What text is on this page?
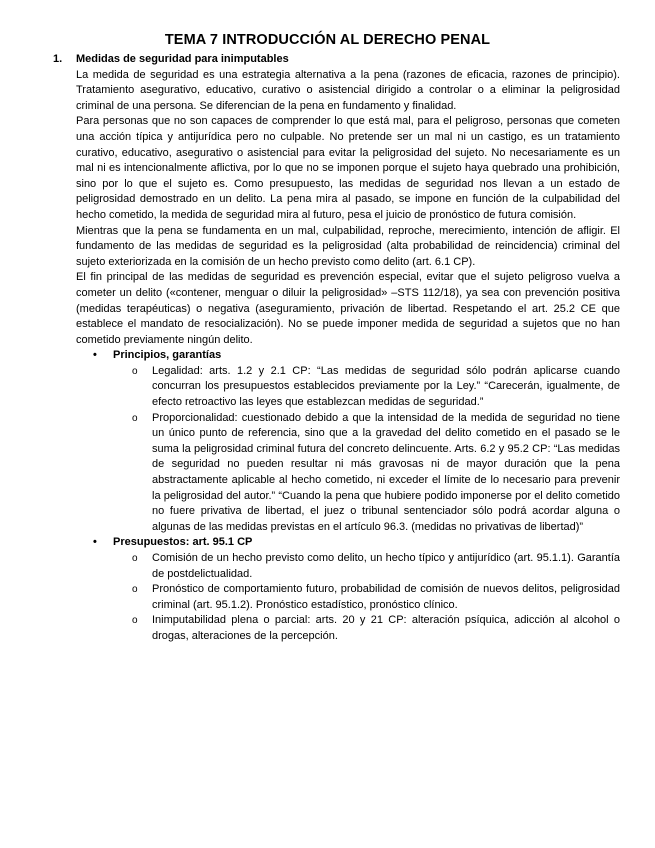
TEMA 7 INTRODUCCIÓN AL DERECHO PENAL
1. Medidas de seguridad para inimputables

La medida de seguridad es una estrategia alternativa a la pena (razones de eficacia, razones de principio). Tratamiento asegurativo, educativo, curativo o asistencial dirigido a controlar o a eliminar la peligrosidad criminal de una persona. Se diferencian de la pena en fundamento y finalidad.

Para personas que no son capaces de comprender lo que está mal, para el peligroso, personas que cometen una acción típica y antijurídica pero no culpable. No pretende ser un mal ni un castigo, es un tratamiento curativo, educativo, asegurativo o asistencial para evitar la peligrosidad del sujeto. No necesariamente es un mal ni es intencionalmente aflictiva, por lo que no se imponen porque el sujeto haya quebrado una prohibición, sino por lo que el sujeto es. Como presupuesto, las medidas de seguridad nos llevan a un estado de peligrosidad demostrado en un delito. La pena mira al pasado, se impone en función de la culpabilidad del hecho cometido, la medida de seguridad mira al futuro, pesa el juicio de pronóstico de futura comisión.

Mientras que la pena se fundamenta en un mal, culpabilidad, reproche, merecimiento, intención de afligir. El fundamento de las medidas de seguridad es la peligrosidad (alta probabilidad de reincidencia) criminal del sujeto exteriorizada en la comisión de un hecho previsto como delito (art. 6.1 CP).

El fin principal de las medidas de seguridad es prevención especial, evitar que el sujeto peligroso vuelva a cometer un delito («contener, menguar o diluir la peligrosidad» –STS 112/18), ya sea con prevención positiva (medidas terapéuticas) o negativa (aseguramiento, privación de libertad. Respetando el art. 25.2 CE que establece el mandato de resocialización). No se puede imponer medida de seguridad a sujetos que no han cometido previamente ningún delito.

• Principios, garantías
o Legalidad: arts. 1.2 y 2.1 CP: “Las medidas de seguridad sólo podrán aplicarse cuando concurran los presupuestos establecidos previamente por la Ley.” “Carecerán, igualmente, de efecto retroactivo las leyes que establezcan medidas de seguridad.”
o Proporcionalidad: cuestionado debido a que la intensidad de la medida de seguridad no tiene un único punto de referencia, sino que a la gravedad del delito cometido en el pasado se le suma la peligrosidad criminal futura del concreto delincuente. Arts. 6.2 y 95.2 CP: “Las medidas de seguridad no pueden resultar ni más gravosas ni de mayor duración que la pena abstractamente aplicable al hecho cometido, ni exceder el límite de lo necesario para prevenir la peligrosidad del autor.” “Cuando la pena que hubiere podido imponerse por el delito cometido no fuere privativa de libertad, el juez o tribunal sentenciador sólo podrá acordar alguna o algunas de las medidas previstas en el artículo 96.3. (medidas no privativas de libertad)”
• Presupuestos: art. 95.1 CP
o Comisión de un hecho previsto como delito, un hecho típico y antijurídico (art. 95.1.1). Garantía de postdelictualidad.
o Pronóstico de comportamiento futuro, probabilidad de comisión de nuevos delitos, peligrosidad criminal (art. 95.1.2). Pronóstico estadístico, pronóstico clínico.
o Inimputabilidad plena o parcial: arts. 20 y 21 CP: alteración psíquica, adicción al alcohol o drogas, alteraciones de la percepción.
